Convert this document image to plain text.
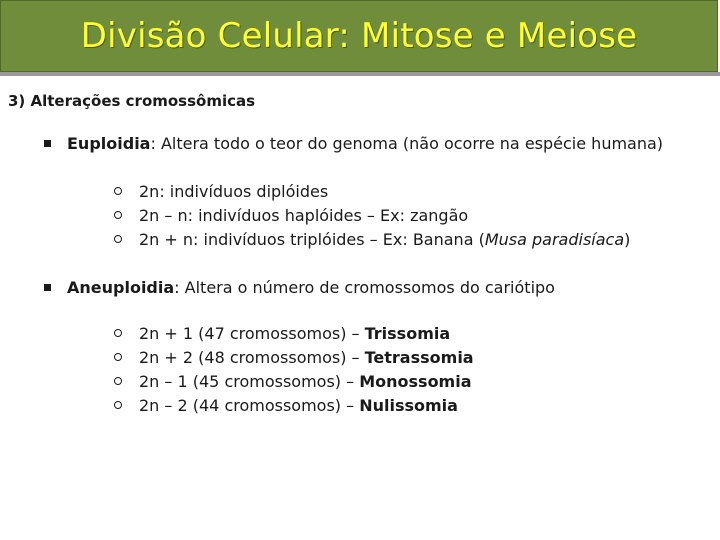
Divisão Celular: Mitose e Meiose
3) Alterações cromossômicas
Euploidia: Altera todo o teor do genoma (não ocorre na espécie humana)
2n: indivíduos diplóides
2n – n: indivíduos haplóides – Ex: zangão
2n + n: indivíduos triplóides – Ex: Banana (Musa paradisíaca)
Aneuploidia: Altera o número de cromossomos do cariótipo
2n + 1 (47 cromossomos) – Trissomia
2n + 2 (48 cromossomos) – Tetrassomia
2n – 1 (45 cromossomos) – Monossomia
2n – 2 (44 cromossomos) – Nulissomia
